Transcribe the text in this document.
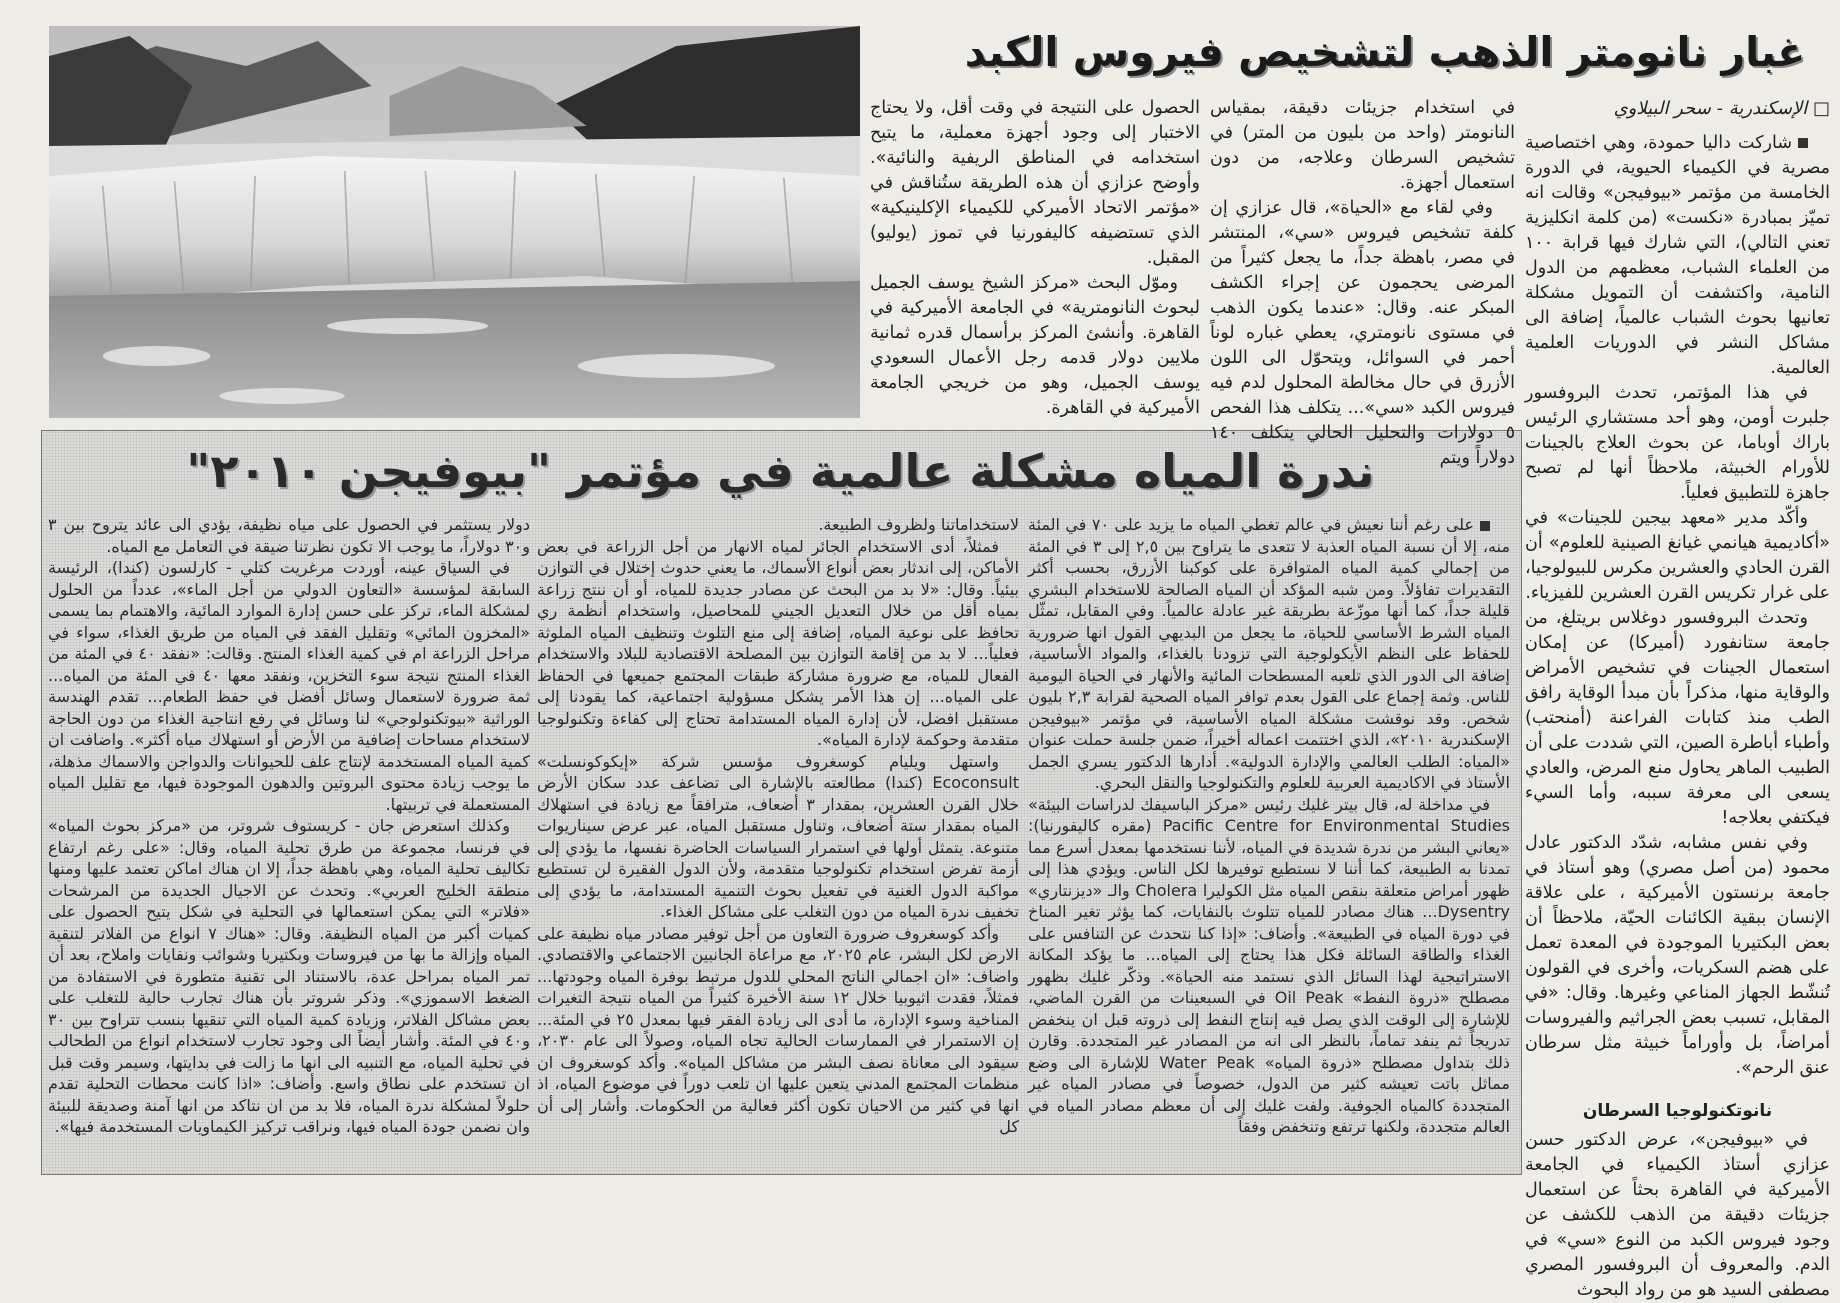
غبار نانومتر الذهب لتشخيص فيروس الكبد

□ الإسكندرية - سحر البيلاوي

شاركت داليا حمودة، وهي اختصاصية مصرية في الكيمياء الحيوية، في الدورة الخامسة من مؤتمر «بيوفيجن» وقالت انه تميّز بمبادرة «نكست» (من كلمة انكليزية تعني التالي)، التي شارك فيها قرابة ١٠٠ من العلماء الشباب، معظمهم من الدول النامية، واكتشفت أن التمويل مشكلة تعانيها بحوث الشباب عالمياً، إضافة الى مشاكل النشر في الدوريات العلمية العالمية.

في هذا المؤتمر، تحدث البروفسور جلبرت أومن، وهو أحد مستشاري الرئيس باراك أوباما، عن بحوث العلاج بالجينات للأورام الخبيثة، ملاحظاً أنها لم تصبح جاهزة للتطبيق فعلياً.

وأكّد مدير «معهد بيجين للجينات» في «أكاديمية هيانمي غيانغ الصينية للعلوم» أن القرن الحادي والعشرين مكرس للبيولوجيا، على غرار تكريس القرن العشرين للفيزياء.

وتحدث البروفسور دوغلاس بريتلغ، من جامعة ستانفورد (أميركا) عن إمكان استعمال الجينات في تشخيص الأمراض والوقاية منها، مذكراً بأن مبدأ الوقاية رافق الطب منذ كتابات الفراعنة (أمنحتب) وأطباء أباطرة الصين، التي شددت على أن الطبيب الماهر يحاول منع المرض، والعادي يسعى الى معرفة سببه، وأما السيء فيكتفي بعلاجه!

وفي نفس مشابه، شدّد الدكتور عادل محمود (من أصل مصري) وهو أستاذ في جامعة برنستون الأميركية ، على علاقة الإنسان ببقية الكائنات الحيّة، ملاحظاً أن بعض البكتيريا الموجودة في المعدة تعمل على هضم السكريات، وأخرى في القولون تُنشّط الجهاز المناعي وغيرها. وقال: «في المقابل، تسبب بعض الجراثيم والفيروسات أمراضاً، بل وأوراماً خبيثة مثل سرطان عنق الرحم».

نانوتكنولوجيا السرطان

في «بيوفيجن»، عرض الدكتور حسن عزازي أستاذ الكيمياء في الجامعة الأميركية في القاهرة بحثاً عن استعمال جزيئات دقيقة من الذهب للكشف عن وجود فيروس الكبد من النوع «سي» في الدم. والمعروف أن البروفسور المصري مصطفى السيد هو من رواد البحوث

في استخدام جزيئات دقيقة، بمقياس النانومتر (واحد من بليون من المتر) في تشخيص السرطان وعلاجه، من دون استعمال أجهزة.

وفي لقاء مع «الحياة»، قال عزازي إن كلفة تشخيص فيروس «سي»، المنتشر في مصر، باهظة جداً، ما يجعل كثيراً من المرضى يحجمون عن إجراء الكشف المبكر عنه. وقال: «عندما يكون الذهب في مستوى نانومتري، يعطي غباره لوناً أحمر في السوائل، ويتحوّل الى اللون الأزرق في حال مخالطة المحلول لدم فيه فيروس الكبد «سي»... يتكلف هذا الفحص ٥ دولارات والتحليل الحالي يتكلف ١٤٠ دولاراً ويتم

الحصول على النتيجة في وقت أقل، ولا يحتاج الاختبار إلى وجود أجهزة معملية، ما يتيح استخدامه في المناطق الريفية والنائية». وأوضح عزازي أن هذه الطريقة ستُناقش في «مؤتمر الاتحاد الأميركي للكيمياء الإكلينيكية» الذي تستضيفه كاليفورنيا في تموز (يوليو) المقبل.

وموّل البحث «مركز الشيخ يوسف الجميل لبحوث النانومترية» في الجامعة الأميركية في القاهرة. وأنشئ المركز برأسمال قدره ثمانية ملايين دولار قدمه رجل الأعمال السعودي يوسف الجميل، وهو من خريجي الجامعة الأميركية في القاهرة.

ندرة المياه مشكلة عالمية في مؤتمر "بيوفيجن ٢٠١٠"

على رغم أننا نعيش في عالم تغطي المياه ما يزيد على ٧٠ في المئة منه، إلا أن نسبة المياه العذبة لا تتعدى ما يتراوح بين ٢,٥ إلى ٣ في المئة من إجمالي كمية المياه المتوافرة على كوكبنا الأزرق، بحسب أكثر التقديرات تفاؤلاً. ومن شبه المؤكد أن المياه الصالحة للاستخدام البشري قليلة جداً، كما أنها موزّعة بطريقة غير عادلة عالمياً. وفي المقابل، تمثّل المياه الشرط الأساسي للحياة، ما يجعل من البديهي القول انها ضرورية للحفاظ على النظم الأيكولوجية التي تزودنا بالغذاء، والمواد الأساسية، إضافة الى الدور الذي تلعبه المسطحات المائية والأنهار في الحياة اليومية للناس. وثمة إجماع على القول بعدم توافر المياه الصحية لقرابة ٢,٣ بليون شخص. وقد نوقشت مشكلة المياه الأساسية، في مؤتمر «بيوفيجن الإسكندرية ٢٠١٠»، الذي اختتمت اعماله أخيراً، ضمن جلسة حملت عنوان «المياه: الطلب العالمي والإدارة الدولية». أدارها الدكتور يسري الجمل الأستاذ في الاكاديمية العربية للعلوم والتكنولوجيا والنقل البحري.

في مداخلة له، قال بيتر غليك رئيس «مركز الباسيفك لدراسات البيئة» Pacific Centre for Environmental Studies (مقره كاليفورنيا): «يعاني البشر من ندرة شديدة في المياه، لأننا نستخدمها بمعدل أسرع مما تمدنا به الطبيعة، كما أننا لا نستطيع توفيرها لكل الناس. ويؤدي هذا إلى ظهور أمراض متعلقة بنقص المياه مثل الكوليرا Cholera والـ «ديزنتاري» Dysentry... هناك مصادر للمياه تتلوث بالنفايات، كما يؤثر تغير المناخ في دورة المياه في الطبيعة». وأضاف: «إذا كنا نتحدث عن التنافس على الغذاء والطاقة السائلة فكل هذا يحتاج إلى المياه... ما يؤكد المكانة الاستراتيجية لهذا السائل الذي نستمد منه الحياة». وذكّر غليك بظهور مصطلح «ذروة النفط» Oil Peak في السبعينات من القرن الماضي، للإشارة إلى الوقت الذي يصل فيه إنتاج النفط إلى ذروته قبل ان ينخفض تدريجاً ثم ينفد تماماً، بالنظر الى انه من المصادر غير المتجددة. وقارن ذلك بتداول مصطلح «ذروة المياه» Water Peak للإشارة الى وضع مماثل باتت تعيشه كثير من الدول، خصوصاً في مصادر المياه غير المتجددة كالمياه الجوفية. ولفت غليك إلى أن معظم مصادر المياه في العالم متجددة، ولكنها ترتفع وتنخفض وفقاً

لاستخداماتنا ولظروف الطبيعة.

فمثلاً، أدى الاستخدام الجائر لمياه الانهار من أجل الزراعة في بعض الأماكن، إلى اندثار بعض أنواع الأسماك، ما يعني حدوث إختلال في التوازن بيئياً. وقال: «لا بد من البحث عن مصادر جديدة للمياه، أو أن ننتج زراعة بمياه أقل من خلال التعديل الجيني للمحاصيل، واستخدام أنظمة ري تحافظ على نوعية المياه، إضافة إلى منع التلوث وتنظيف المياه الملوثة فعلياً... لا بد من إقامة التوازن بين المصلحة الاقتصادية للبلاد والاستخدام الفعال للمياه، مع ضرورة مشاركة طبقات المجتمع جميعها في الحفاظ على المياه... إن هذا الأمر يشكل مسؤولية اجتماعية، كما يقودنا إلى مستقبل افضل، لأن إدارة المياه المستدامة تحتاج إلى كفاءة وتكنولوجيا متقدمة وحوكمة لإدارة المياه».

واستهل ويليام كوسغروف مؤسس شركة «إيكوكونسلت» Ecoconsult (كندا) مطالعته بالإشارة الى تضاعف عدد سكان الأرض خلال القرن العشرين، بمقدار ٣ أضعاف، مترافقاً مع زيادة في استهلاك المياه بمقدار ستة أضعاف، وتناول مستقبل المياه، عبر عرض سيناريوات متنوعة. يتمثل أولها في استمرار السياسات الحاضرة نفسها، ما يؤدي إلى أزمة تفرض استخدام تكنولوجيا متقدمة، ولأن الدول الفقيرة لن تستطيع مواكبة الدول الغنية في تفعيل بحوث التنمية المستدامة، ما يؤدي إلى تخفيف ندرة المياه من دون التغلب على مشاكل الغذاء.

وأكد كوسغروف ضرورة التعاون من أجل توفير مصادر مياه نظيفة على الارض لكل البشر، عام ٢٠٢٥، مع مراعاة الجانبين الاجتماعي والاقتصادي. واضاف: «ان اجمالي الناتج المحلي للدول مرتبط بوفرة المياه وجودتها... فمثلاً، فقدت اثيوبيا خلال ١٢ سنة الأخيرة كثيراً من المياه نتيجة التغيرات المناخية وسوء الإدارة، ما أدى الى زيادة الفقر فيها بمعدل ٢٥ في المئة... إن الاستمرار في الممارسات الحالية تجاه المياه، وصولاً الى عام ٢٠٣٠، سيقود الى معاناة نصف البشر من مشاكل المياه». وأكد كوسغروف ان منظمات المجتمع المدني يتعين عليها ان تلعب دوراً في موضوع المياه، اذ انها في كثير من الاحيان تكون أكثر فعالية من الحكومات. وأشار إلى أن كل

دولار يستثمر في الحصول على مياه نظيفة، يؤدي الى عائد يتروح بين ٣ و٣٠ دولاراً، ما يوجب الا تكون نظرتنا ضيقة في التعامل مع المياه.

في السياق عينه، أوردت مرغريت كتلي - كارلسون (كندا)، الرئيسة السابقة لمؤسسة «التعاون الدولي من أجل الماء»، عدداً من الحلول لمشكلة الماء، تركز على حسن إدارة الموارد المائية، والاهتمام بما يسمى «المخزون المائي» وتقليل الفقد في المياه من طريق الغذاء، سواء في مراحل الزراعة ام في كمية الغذاء المنتج. وقالت: «نفقد ٤٠ في المئة من الغذاء المنتج نتيجة سوء التخزين، ونفقد معها ٤٠ في المئة من المياه... ثمة ضرورة لاستعمال وسائل أفضل في حفظ الطعام... تقدم الهندسة الوراثية «بيوتكنولوجي» لنا وسائل في رفع انتاجية الغذاء من دون الحاجة لاستخدام مساحات إضافية من الأرض أو استهلاك مياه أكثر». واضافت ان كمية المياه المستخدمة لإنتاج علف للحيوانات والدواجن والاسماك مذهلة، ما يوجب زيادة محتوى البروتين والدهون الموجودة فيها، مع تقليل المياه المستعملة في تربيتها.

وكذلك استعرض جان - كريستوف شروتر، من «مركز بحوث المياه» في فرنسا، مجموعة من طرق تحلية المياه، وقال: «على رغم ارتفاع تكاليف تحلية المياه، وهي باهظة جداً، إلا ان هناك اماكن تعتمد عليها ومنها منطقة الخليج العربي». وتحدث عن الاجيال الجديدة من المرشحات «فلاتر» التي يمكن استعمالها في التحلية في شكل يتيح الحصول على كميات أكبر من المياه النظيفة. وقال: «هناك ٧ انواع من الفلاتر لتنقية المياه وإزالة ما بها من فيروسات وبكتيريا وشوائب ونفايات واملاح، بعد أن تمر المياه بمراحل عدة، بالاستناد الى تقنية متطورة في الاستفادة من الضغط الاسموزي». وذكر شروتر بأن هناك تجارب حالية للتغلب على بعض مشاكل الفلاتر، وزيادة كمية المياه التي تنقيها بنسب تتراوح بين ٣٠ و٤٠ في المئة. وأشار أيضاً الى وجود تجارب لاستخدام انواع من الطحالب في تحلية المياه، مع التنبيه الى انها ما زالت في بدايتها، وسيمر وقت قبل ان تستخدم على نطاق واسع. وأضاف: «اذا كانت محطات التحلية تقدم حلولاً لمشكلة ندرة المياه، فلا بد من ان نتاكد من انها آمنة وصديقة للبيئة وان نضمن جودة المياه فيها، ونراقب تركيز الكيماويات المستخدمة فيها».
